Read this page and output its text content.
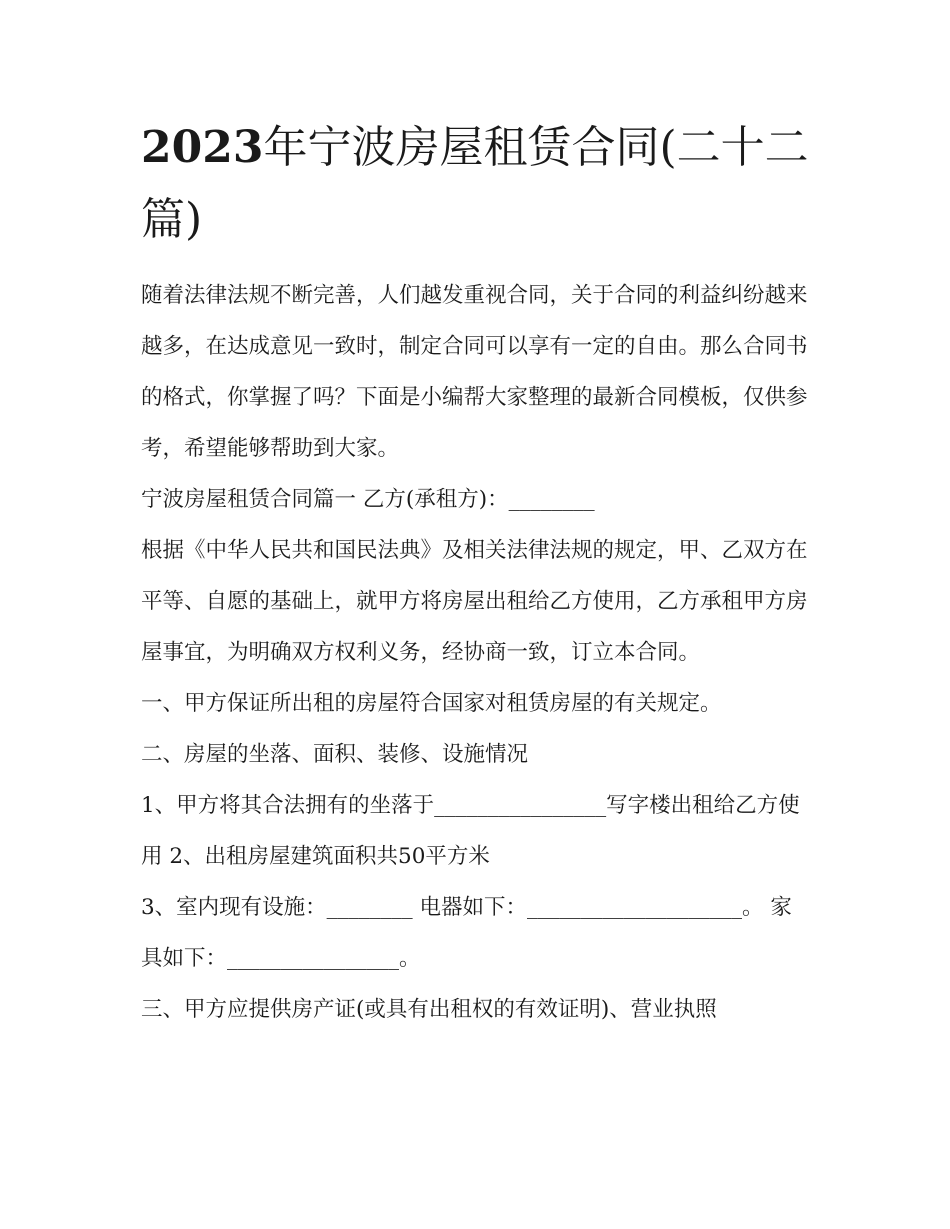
2023年宁波房屋租赁合同(二十二篇)

随着法律法规不断完善，人们越发重视合同，关于合同的利益纠纷越来越多，在达成意见一致时，制定合同可以享有一定的自由。那么合同书的格式，你掌握了吗？下面是小编帮大家整理的最新合同模板，仅供参考，希望能够帮助到大家。

宁波房屋租赁合同篇一 乙方(承租方)：________

根据《中华人民共和国民法典》及相关法律法规的规定，甲、乙双方在平等、自愿的基础上，就甲方将房屋出租给乙方使用，乙方承租甲方房屋事宜，为明确双方权利义务，经协商一致，订立本合同。

一、甲方保证所出租的房屋符合国家对租赁房屋的有关规定。

二、房屋的坐落、面积、装修、设施情况

1、甲方将其合法拥有的坐落于________________写字楼出租给乙方使用 2、出租房屋建筑面积共50平方米

3、室内现有设施：________ 电器如下：____________________。 家具如下：________________。

三、甲方应提供房产证(或具有出租权的有效证明)、营业执照
